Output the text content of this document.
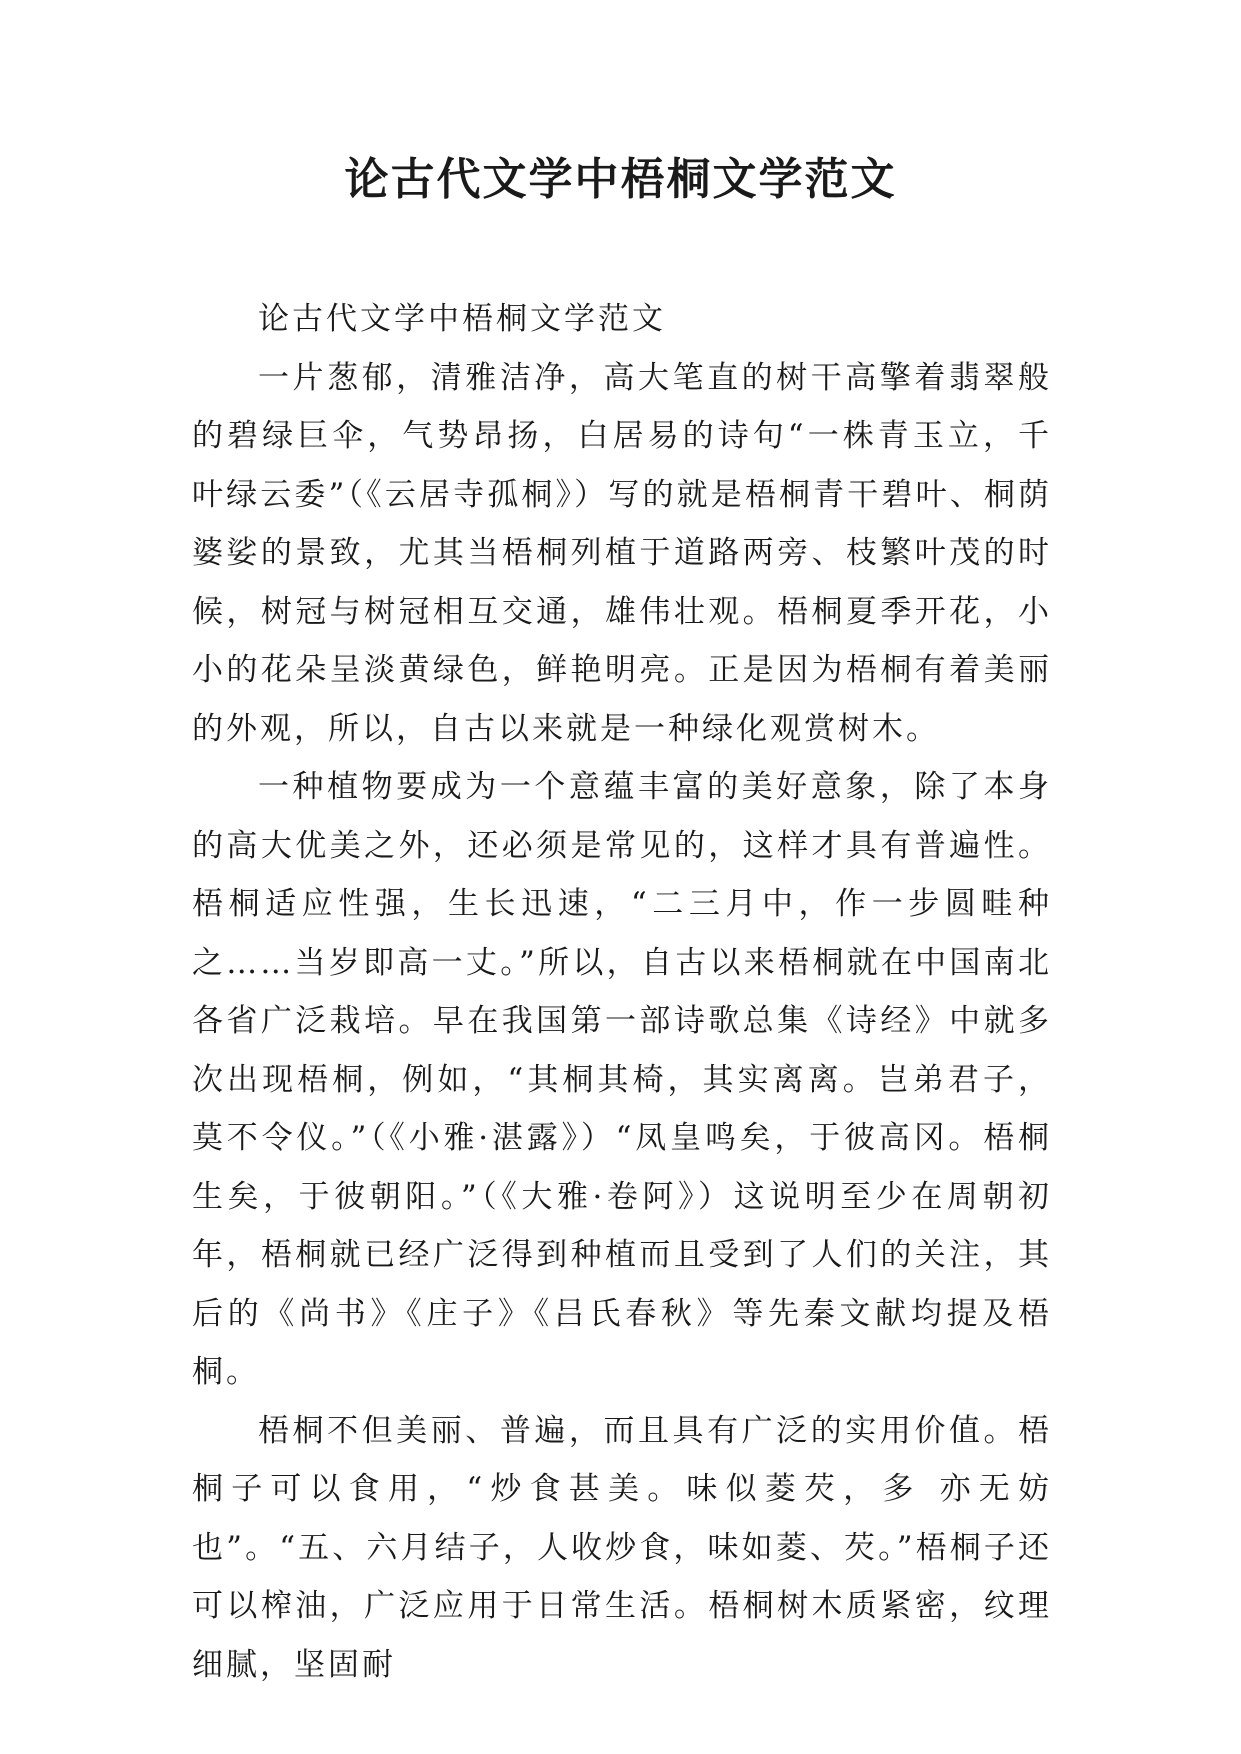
论古代文学中梧桐文学范文

论古代文学中梧桐文学范文

一片葱郁，清雅洁净，高大笔直的树干高擎着翡翠般的碧绿巨伞，气势昂扬，白居易的诗句“一株青玉立，千叶绿云委”（《云居寺孤桐》）写的就是梧桐青干碧叶、桐荫婆娑的景致，尤其当梧桐列植于道路两旁、枝繁叶茂的时候，树冠与树冠相互交通，雄伟壮观。梧桐夏季开花，小小的花朵呈淡黄绿色，鲜艳明亮。正是因为梧桐有着美丽的外观，所以，自古以来就是一种绿化观赏树木。

一种植物要成为一个意蕴丰富的美好意象，除了本身的高大优美之外，还必须是常见的，这样才具有普遍性。梧桐适应性强，生长迅速，“二三月中，作一步圆畦种之……当岁即高一丈。”所以，自古以来梧桐就在中国南北各省广泛栽培。早在我国第一部诗歌总集《诗经》中就多次出现梧桐，例如，“其桐其椅，其实离离。岂弟君子，莫不令仪。”（《小雅·湛露》）“凤皇鸣矣，于彼高冈。梧桐生矣，于彼朝阳。”（《大雅·卷阿》）这说明至少在周朝初年，梧桐就已经广泛得到种植而且受到了人们的关注，其后的《尚书》《庄子》《吕氏春秋》等先秦文献均提及梧桐。

梧桐不但美丽、普遍，而且具有广泛的实用价值。梧桐子可以食用，“炒食甚美。味似菱芡，多 亦无妨也”。“五、六月结子，人收炒食，味如菱、芡。”梧桐子还可以榨油，广泛应用于日常生活。梧桐树木质紧密，纹理细腻，坚固耐
